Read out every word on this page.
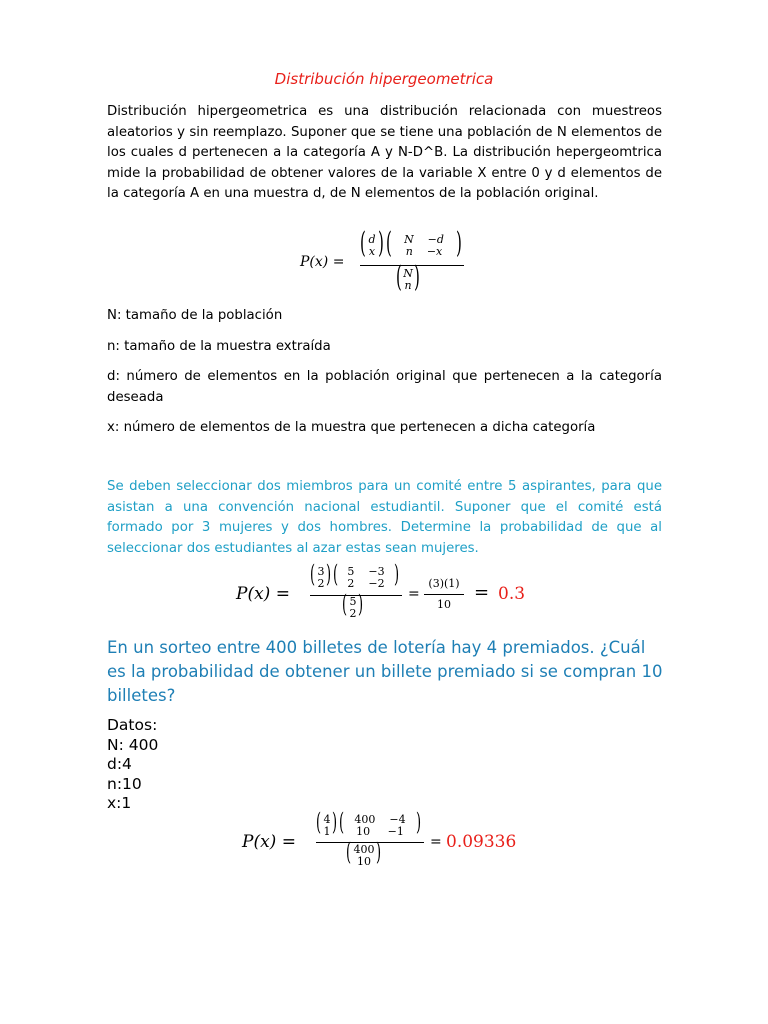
Distribución hipergeometrica
Distribución hipergeometrica es una distribución relacionada con muestreos aleatorios y sin reemplazo. Suponer que se tiene una población de N elementos de los cuales d pertenecen a la categoría A y N-D^B. La distribución hepergeomtrica mide la probabilidad de obtener valores de la variable X entre 0 y d elementos de la categoría A en una muestra d, de N elementos de la población original.
P(x) =
( d
x ) (	N    −d
n    −x )
( N
n )
N: tamaño de la población
n: tamaño de la muestra extraída
d: número de elementos en la población original que pertenecen a la categoría deseada
x: número de elementos de la muestra que pertenecen a dicha categoría
Se deben seleccionar dos miembros para un comité entre 5 aspirantes, para que asistan a una convención nacional estudiantil. Suponer que el comité está formado por 3 mujeres y dos hombres. Determine la probabilidad de que al seleccionar dos estudiantes al azar estas sean mujeres.
P(x) =
( 3
2 ) ( 5    −3
2    −2 )
( 5
2 )	=
(3)(1)
10
= 0.3
En un sorteo entre 400 billetes de lotería hay 4 premiados. ¿Cuál es la probabilidad de obtener un billete premiado si se compran 10 billetes?
Datos:
N: 400
d:4
n:10
x:1
P(x) =
( 4
1 ) ( 400    −4
10     −1 )
( 400
10 )	= 0.09336
